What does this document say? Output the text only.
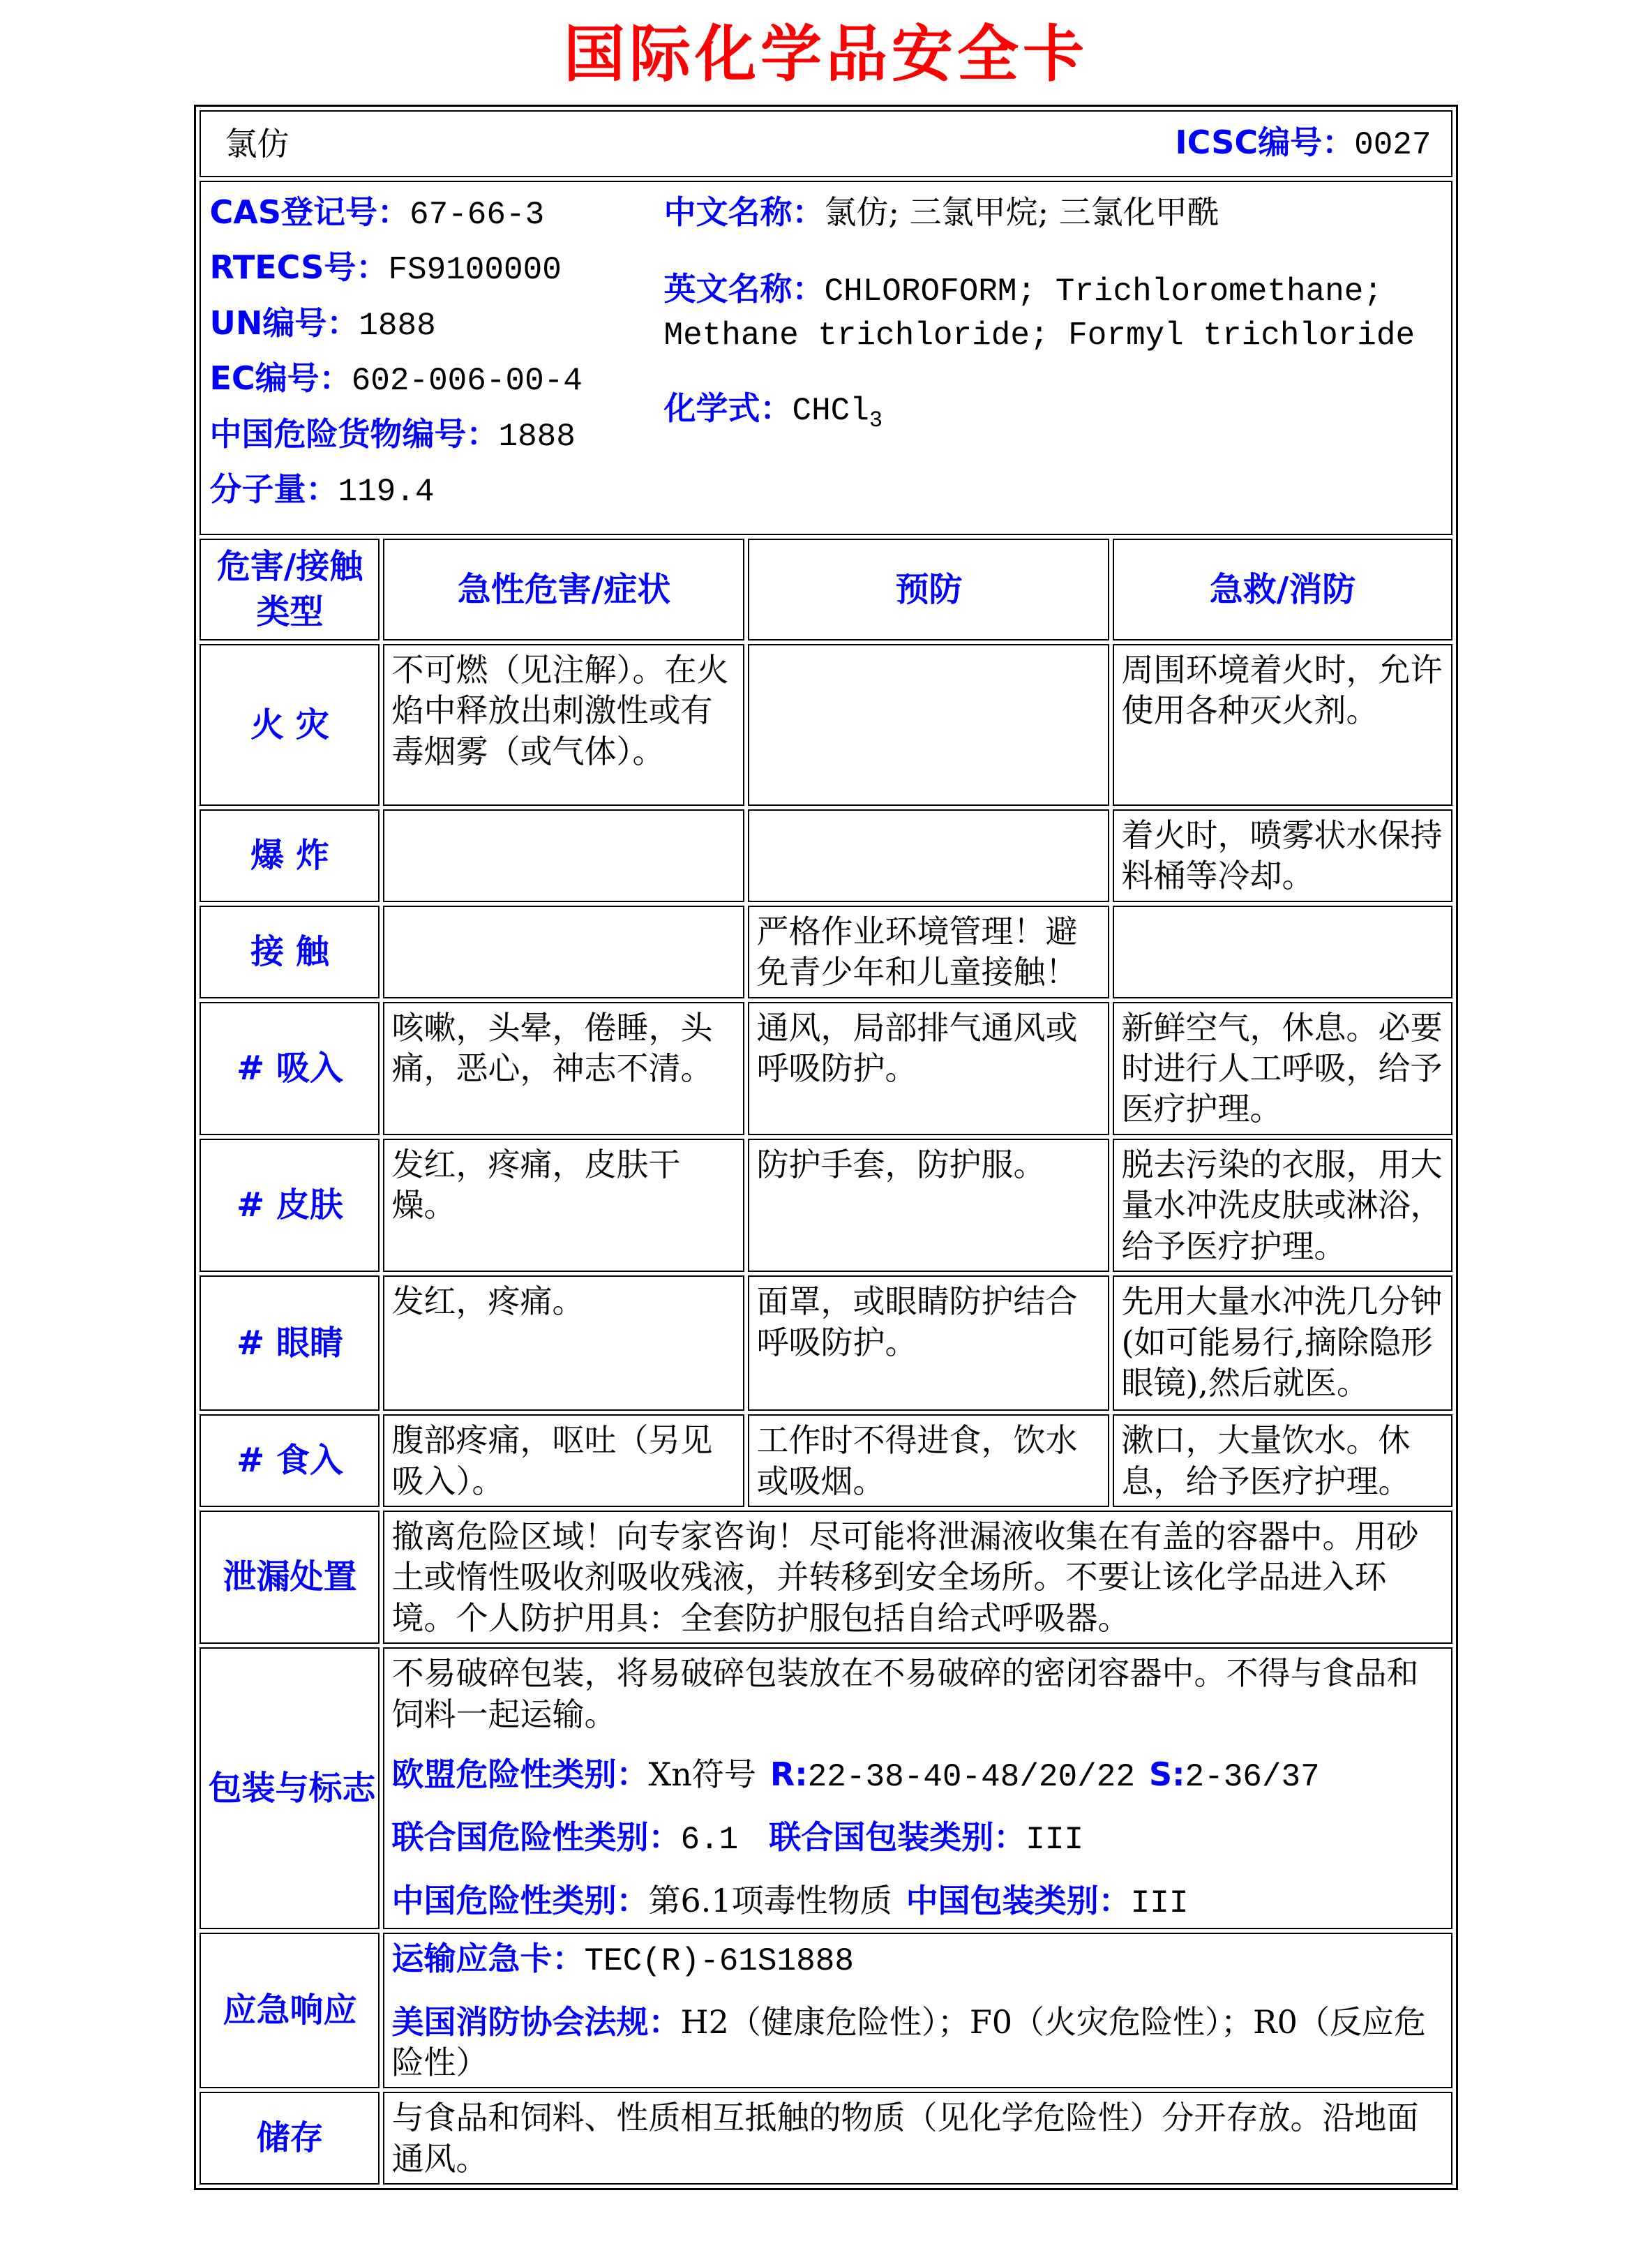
国际化学品安全卡
氯仿 ICSC编号：0027			

CAS登记号：67-66-3

RTECS号：FS9100000

UN编号：1888

EC编号：602-006-00-4

中国危险货物编号：1888

分子量：119.4

中文名称：氯仿; 三氯甲烷; 三氯化甲酰

英文名称：CHLOROFORM; Trichloromethane; Methane trichloride; Formyl trichloride

化学式：CHCl$_3$

危害/接触
类型	急性危害/症状	预防	急救/消防
火 灾	不可燃（见注解）。在火焰中释放出刺激性或有毒烟雾（或气体）。		周围环境着火时，允许使用各种灭火剂。
爆 炸			着火时，喷雾状水保持料桶等冷却。
接 触		严格作业环境管理！避免青少年和儿童接触！	
# 吸入	咳嗽，头晕，倦睡，头痛，恶心，神志不清。	通风，局部排气通风或呼吸防护。	新鲜空气，休息。必要时进行人工呼吸，给予医疗护理。
# 皮肤	发红，疼痛，皮肤干燥。	防护手套，防护服。	脱去污染的衣服，用大量水冲洗皮肤或淋浴，给予医疗护理。
# 眼睛	发红，疼痛。	面罩，或眼睛防护结合呼吸防护。	先用大量水冲洗几分钟(如可能易行,摘除隐形眼镜),然后就医。
# 食入	腹部疼痛，呕吐（另见吸入）。	工作时不得进食，饮水或吸烟。	漱口，大量饮水。休息，给予医疗护理。
泄漏处置	撤离危险区域！向专家咨询！尽可能将泄漏液收集在有盖的容器中。用砂土或惰性吸收剂吸收残液，并转移到安全场所。不要让该化学品进入环境。个人防护用具：全套防护服包括自给式呼吸器。		

包装与标志	不易破碎包装，将易破碎包装放在不易破碎的密闭容器中。不得与食品和饲料一起运输。

欧盟危险性类别：Xn符号 R:22-38-40-48/20/22 S:2-36/37

联合国危险性类别：6.1 联合国包装类别：III

中国危险性类别：第6.1项毒性物质 中国包装类别：III		

应急响应	运输应急卡：TEC(R)-61S1888

美国消防协会法规：H2（健康危险性）；F0（火灾危险性）；R0（反应危险性）		

储存	与食品和饲料、性质相互抵触的物质（见化学危险性）分开存放。沿地面通风。		
